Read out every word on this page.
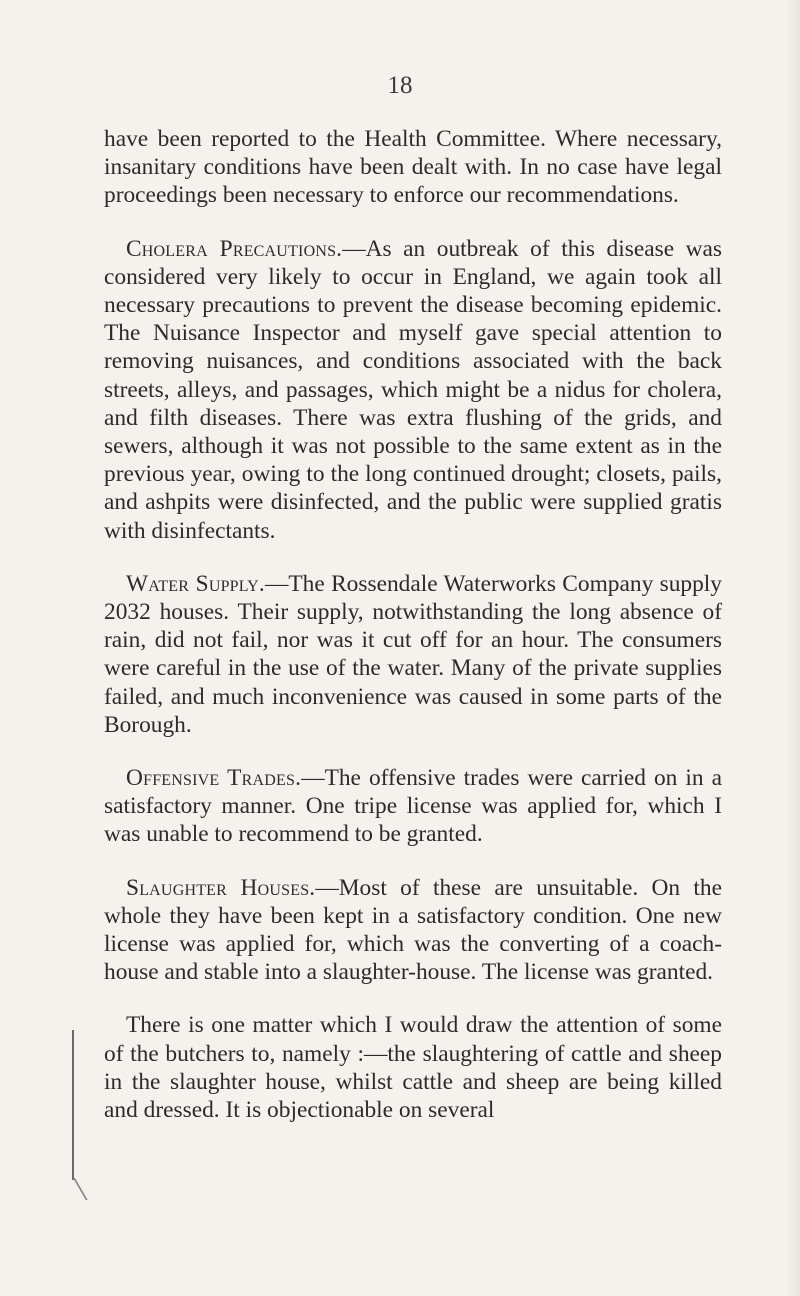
18

have been reported to the Health Committee. Where necessary, insanitary conditions have been dealt with. In no case have legal proceedings been necessary to enforce our recommendations.

Cholera Precautions.—As an outbreak of this disease was considered very likely to occur in England, we again took all necessary precautions to prevent the disease becoming epidemic. The Nuisance Inspector and myself gave special attention to removing nuisances, and conditions associated with the back streets, alleys, and passages, which might be a nidus for cholera, and filth diseases. There was extra flushing of the grids, and sewers, although it was not possible to the same extent as in the previous year, owing to the long continued drought; closets, pails, and ashpits were disinfected, and the public were supplied gratis with disinfectants.

Water Supply.—The Rossendale Waterworks Company supply 2032 houses. Their supply, notwithstanding the long absence of rain, did not fail, nor was it cut off for an hour. The consumers were careful in the use of the water. Many of the private supplies failed, and much inconvenience was caused in some parts of the Borough.

Offensive Trades.—The offensive trades were carried on in a satisfactory manner. One tripe license was applied for, which I was unable to recommend to be granted.

Slaughter Houses.—Most of these are unsuitable. On the whole they have been kept in a satisfactory condition. One new license was applied for, which was the converting of a coach-house and stable into a slaughter-house. The license was granted.

There is one matter which I would draw the attention of some of the butchers to, namely :—the slaughtering of cattle and sheep in the slaughter house, whilst cattle and sheep are being killed and dressed. It is objectionable on several
